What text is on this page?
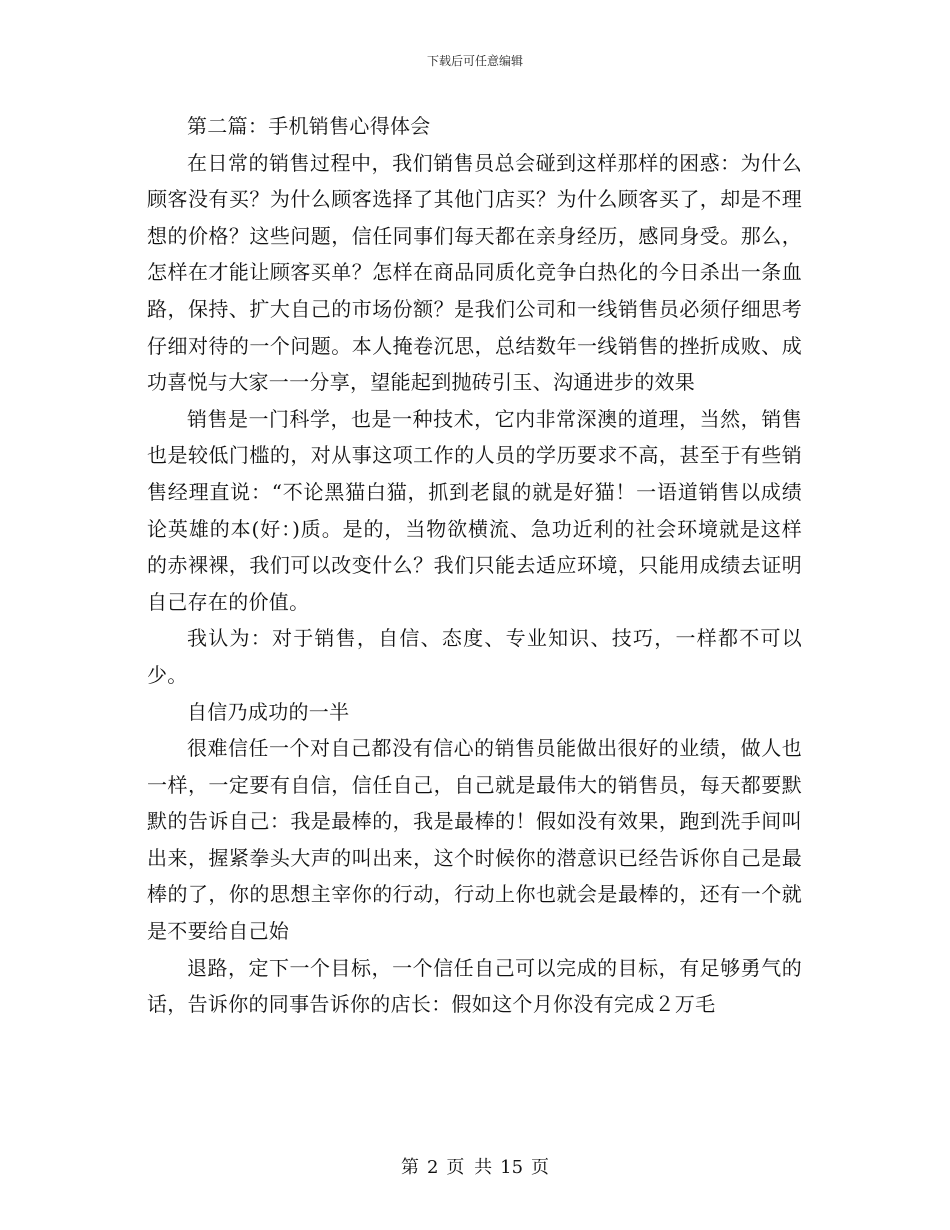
下载后可任意编辑

第二篇：手机销售心得体会

在日常的销售过程中，我们销售员总会碰到这样那样的困惑：为什么顾客没有买？为什么顾客选择了其他门店买？为什么顾客买了，却是不理想的价格？这些问题，信任同事们每天都在亲身经历，感同身受。那么，怎样在才能让顾客买单？怎样在商品同质化竞争白热化的今日杀出一条血路，保持、扩大自己的市场份额？是我们公司和一线销售员必须仔细思考仔细对待的一个问题。本人掩卷沉思，总结数年一线销售的挫折成败、成功喜悦与大家一一分享，望能起到抛砖引玉、沟通进步的效果

销售是一门科学，也是一种技术，它内非常深澳的道理，当然，销售也是较低门槛的，对从事这项工作的人员的学历要求不高，甚至于有些销售经理直说：“不论黑猫白猫，抓到老鼠的就是好猫！一语道销售以成绩论英雄的本(好：)质。是的，当物欲横流、急功近利的社会环境就是这样的赤裸裸，我们可以改变什么？我们只能去适应环境，只能用成绩去证明自己存在的价值。

我认为：对于销售，自信、态度、专业知识、技巧，一样都不可以少。

自信乃成功的一半

很难信任一个对自己都没有信心的销售员能做出很好的业绩，做人也一样，一定要有自信，信任自己，自己就是最伟大的销售员，每天都要默默的告诉自己：我是最棒的，我是最棒的！假如没有效果，跑到洗手间叫出来，握紧拳头大声的叫出来，这个时候你的潜意识已经告诉你自己是最棒的了，你的思想主宰你的行动，行动上你也就会是最棒的，还有一个就是不要给自己始

退路，定下一个目标，一个信任自己可以完成的目标，有足够勇气的话，告诉你的同事告诉你的店长：假如这个月你没有完成２万毛

第 2 页 共 15 页
